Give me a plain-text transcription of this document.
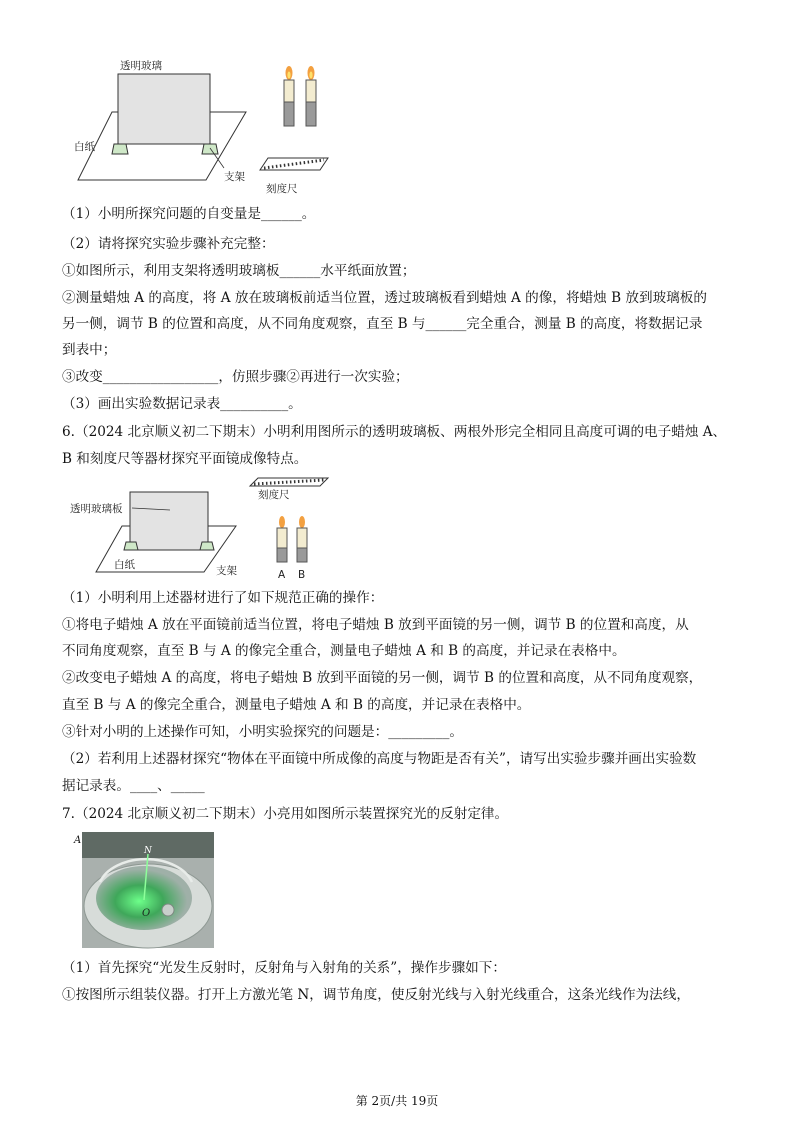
透明玻璃
白纸
支架
刻度尺
（1）小明所探究问题的自变量是______。
（2）请将探究实验步骤补充完整：
①如图所示，利用支架将透明玻璃板______水平纸面放置；
②测量蜡烛 A 的高度，将 A 放在玻璃板前适当位置，透过玻璃板看到蜡烛 A 的像，将蜡烛 B 放到玻璃板的
另一侧，调节 B 的位置和高度，从不同角度观察，直至 B 与______完全重合，测量 B 的高度，将数据记录
到表中；
③改变_________________，仿照步骤②再进行一次实验；
（3）画出实验数据记录表__________。
6.（2024 北京顺义初二下期末）小明利用图所示的透明玻璃板、两根外形完全相同且高度可调的电子蜡烛 A、
B 和刻度尺等器材探究平面镜成像特点。
透明玻璃板
白纸	支架
刻度尺
A B
（1）小明利用上述器材进行了如下规范正确的操作：
①将电子蜡烛 A 放在平面镜前适当位置，将电子蜡烛 B 放到平面镜的另一侧，调节 B 的位置和高度，从
不同角度观察，直至 B 与 A 的像完全重合，测量电子蜡烛 A 和 B 的高度，并记录在表格中。
②改变电子蜡烛 A 的高度，将电子蜡烛 B 放到平面镜的另一侧，调节 B 的位置和高度，从不同角度观察，
直至 B 与 A 的像完全重合，测量电子蜡烛 A 和 B 的高度，并记录在表格中。
③针对小明的上述操作可知，小明实验探究的问题是：_________。
（2）若利用上述器材探究“物体在平面镜中所成像的高度与物距是否有关”，请写出实验步骤并画出实验数
据记录表。____、_____
7.（2024 北京顺义初二下期末）小亮用如图所示装置探究光的反射定律。
A
N
O
（1）首先探究“光发生反射时，反射角与入射角的关系”，操作步骤如下：
①按图所示组装仪器。打开上方激光笔 N，调节角度，使反射光线与入射光线重合，这条光线作为法线，
第 2页/共 19页
